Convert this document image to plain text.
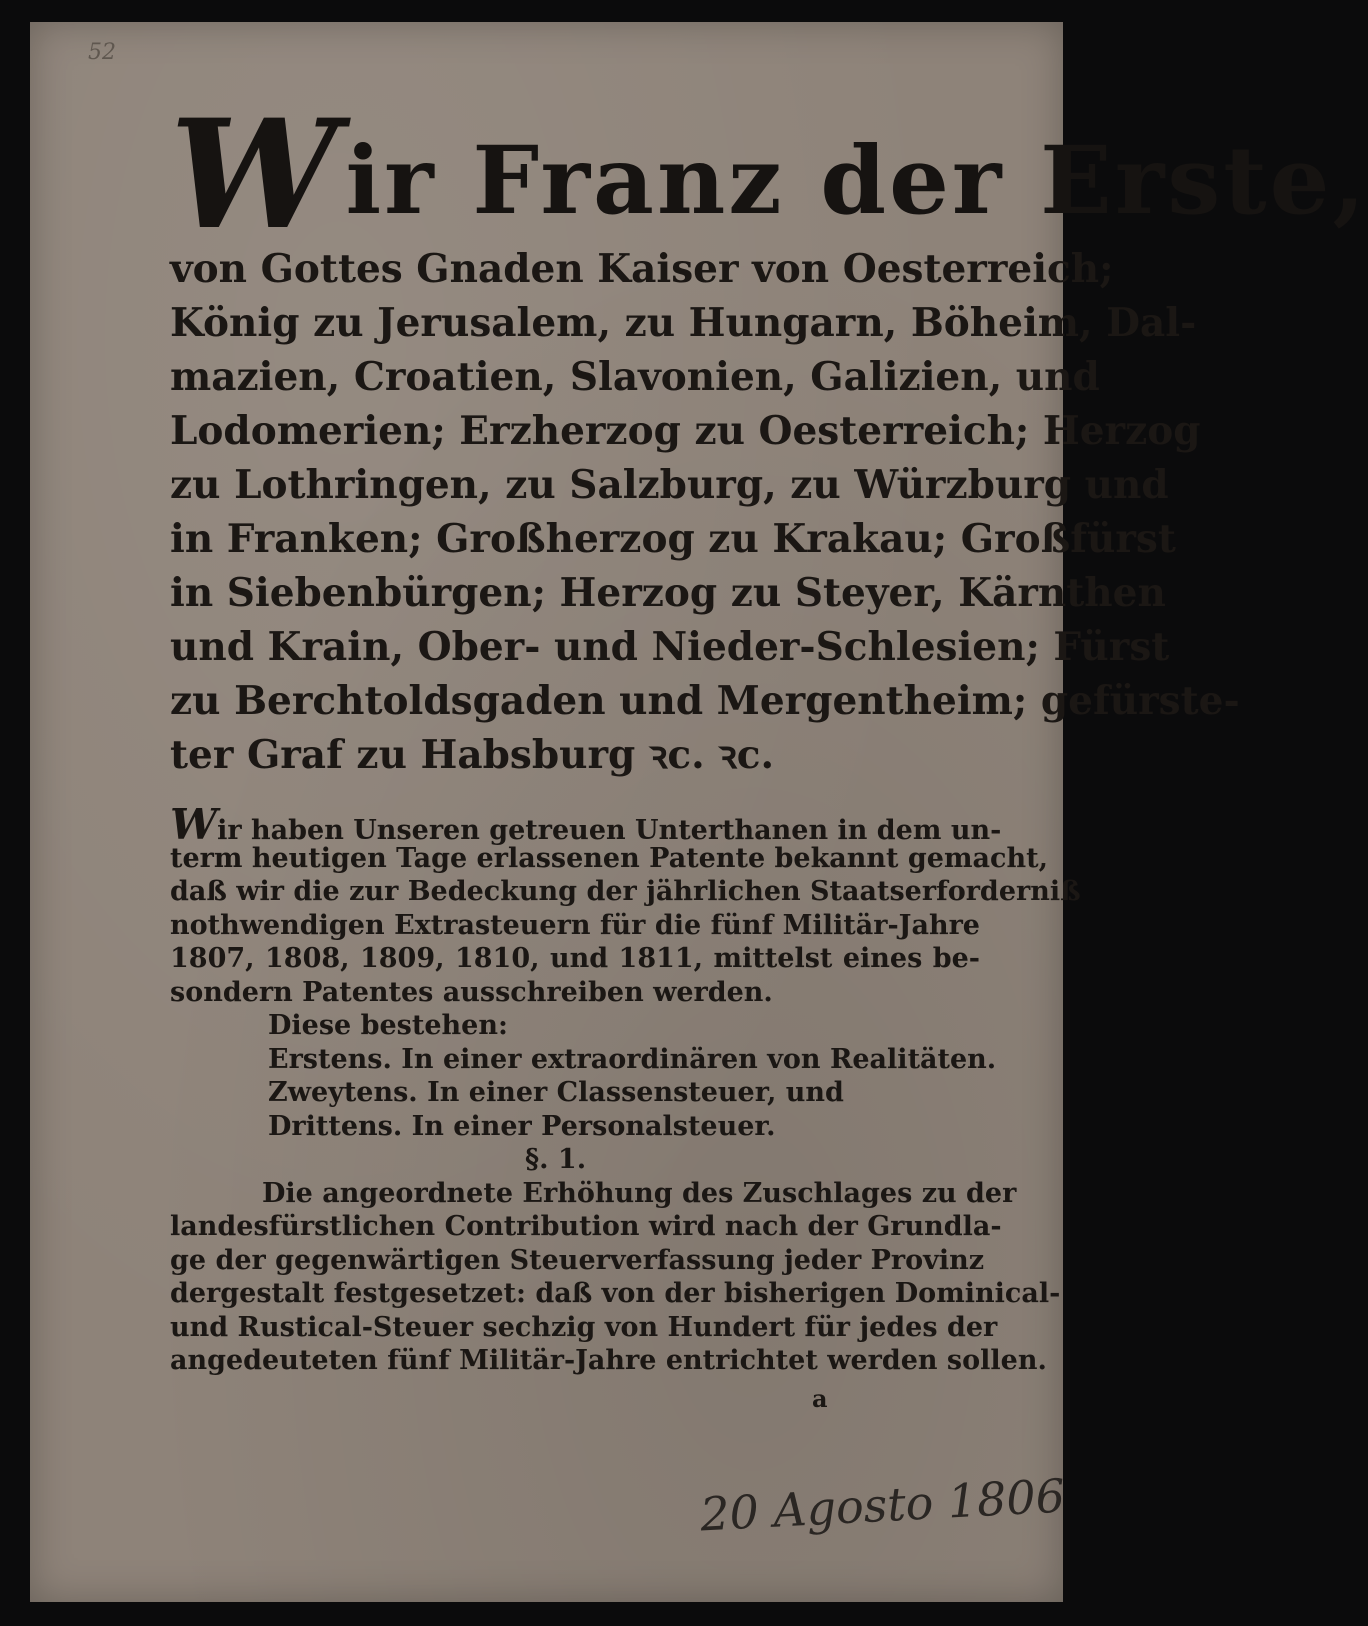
52
Wir Franz der Erste,
von Gottes Gnaden Kaiser von Oesterreich;
König zu Jerusalem, zu Hungarn, Böheim, Dal-
mazien, Croatien, Slavonien, Galizien, und
Lodomerien; Erzherzog zu Oesterreich; Herzog
zu Lothringen, zu Salzburg, zu Würzburg und
in Franken; Großherzog zu Krakau; Großfürst
in Siebenbürgen; Herzog zu Steyer, Kärnthen
und Krain, Ober- und Nieder-Schlesien; Fürst
zu Berchtoldsgaden und Mergentheim; gefürste-
ter Graf zu Habsburg ꝛc. ꝛc.
Wir haben Unseren getreuen Unterthanen in dem un-
term heutigen Tage erlassenen Patente bekannt gemacht,
daß wir die zur Bedeckung der jährlichen Staatserforderniß
nothwendigen Extrasteuern für die fünf Militär-Jahre
1807, 1808, 1809, 1810, und 1811, mittelst eines be-
sondern Patentes ausschreiben werden.
Diese bestehen:
Erstens. In einer extraordinären von Realitäten.
Zweytens. In einer Classensteuer, und
Drittens. In einer Personalsteuer.
§. 1.
Die angeordnete Erhöhung des Zuschlages zu der
landesfürstlichen Contribution wird nach der Grundla-
ge der gegenwärtigen Steuerverfassung jeder Provinz
dergestalt festgesetzet: daß von der bisherigen Dominical-
und Rustical-Steuer sechzig von Hundert für jedes der
angedeuteten fünf Militär-Jahre entrichtet werden sollen.
a
20 Agosto 1806
